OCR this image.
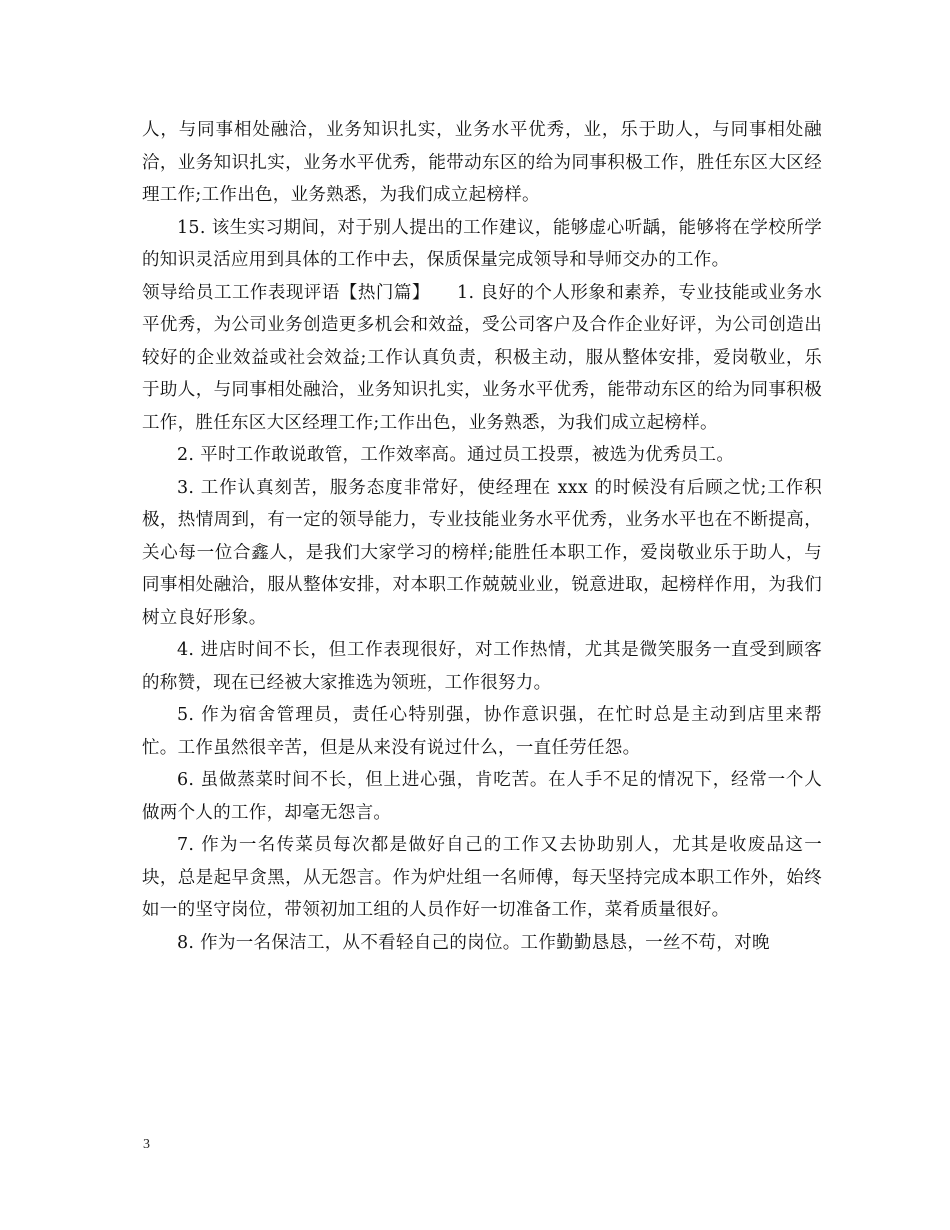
人，与同事相处融洽，业务知识扎实，业务水平优秀，业，乐于助人，与同事相处融洽，业务知识扎实，业务水平优秀，能带动东区的给为同事积极工作，胜任东区大区经理工作;工作出色，业务熟悉，为我们成立起榜样。

15. 该生实习期间，对于别人提出的工作建议，能够虚心听龋，能够将在学校所学的知识灵活应用到具体的工作中去，保质保量完成领导和导师交办的工作。

领导给员工工作表现评语【热门篇】　　1. 良好的个人形象和素养，专业技能或业务水平优秀，为公司业务创造更多机会和效益，受公司客户及合作企业好评，为公司创造出较好的企业效益或社会效益;工作认真负责，积极主动，服从整体安排，爱岗敬业，乐于助人，与同事相处融洽，业务知识扎实，业务水平优秀，能带动东区的给为同事积极工作，胜任东区大区经理工作;工作出色，业务熟悉，为我们成立起榜样。

2. 平时工作敢说敢管，工作效率高。通过员工投票，被选为优秀员工。

3. 工作认真刻苦，服务态度非常好，使经理在 xxx 的时候没有后顾之忧;工作积极，热情周到，有一定的领导能力，专业技能业务水平优秀，业务水平也在不断提高，关心每一位合鑫人，是我们大家学习的榜样;能胜任本职工作，爱岗敬业乐于助人，与同事相处融洽，服从整体安排，对本职工作兢兢业业，锐意进取，起榜样作用，为我们树立良好形象。

4. 进店时间不长，但工作表现很好，对工作热情，尤其是微笑服务一直受到顾客的称赞，现在已经被大家推选为领班，工作很努力。

5. 作为宿舍管理员，责任心特别强，协作意识强，在忙时总是主动到店里来帮忙。工作虽然很辛苦，但是从来没有说过什么，一直任劳任怨。

6. 虽做蒸菜时间不长，但上进心强，肯吃苦。在人手不足的情况下，经常一个人做两个人的工作，却毫无怨言。

7. 作为一名传菜员每次都是做好自己的工作又去协助别人，尤其是收废品这一块，总是起早贪黑，从无怨言。作为炉灶组一名师傅，每天坚持完成本职工作外，始终如一的坚守岗位，带领初加工组的人员作好一切准备工作，菜肴质量很好。

8. 作为一名保洁工，从不看轻自己的岗位。工作勤勤恳恳，一丝不苟，对晚

3
